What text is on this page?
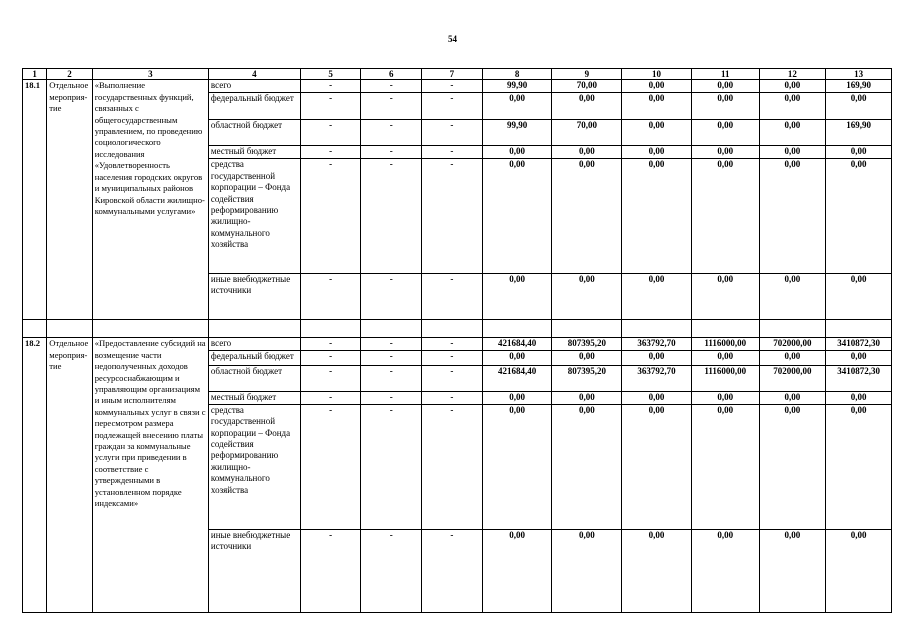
54
1	2	3	4	5	6	7	8	9	10	11	12	13
18.1	Отдельное мероприя-тие	«Выполнение государственных функций, связанных с общегосударственным управлением, по проведению социологического исследования «Удовлетворенность населения городских округов и муниципальных районов Кировской области жилищно-коммунальными услугами»	всего	-	-	-	99,90	70,00	0,00	0,00	0,00	169,90
			федеральный бюджет	-	-	-	0,00	0,00	0,00	0,00	0,00	0,00
			областной бюджет	-	-	-	99,90	70,00	0,00	0,00	0,00	169,90
			местный бюджет	-	-	-	0,00	0,00	0,00	0,00	0,00	0,00
			средства государственной корпорации – Фонда содействия реформированию жилищно-коммунального хозяйства	-	-	-	0,00	0,00	0,00	0,00	0,00	0,00
			иные внебюджетные источники	-	-	-	0,00	0,00	0,00	0,00	0,00	0,00

18.2	Отдельное мероприя-тие	«Предоставление субсидий на возмещение части недополученных доходов ресурсоснабжающим и управляющим организациям и иным исполнителям коммунальных услуг в связи с пересмотром размера подлежащей внесению платы граждан за коммунальные услуги при приведении в соответствие с утвержденными в установленном порядке индексами»	всего	-	-	-	421684,40	807395,20	363792,70	1116000,00	702000,00	3410872,30
			федеральный бюджет	-	-	-	0,00	0,00	0,00	0,00	0,00	0,00
			областной бюджет	-	-	-	421684,40	807395,20	363792,70	1116000,00	702000,00	3410872,30
			местный бюджет	-	-	-	0,00	0,00	0,00	0,00	0,00	0,00
			средства государственной корпорации – Фонда содействия реформированию жилищно-коммунального хозяйства	-	-	-	0,00	0,00	0,00	0,00	0,00	0,00
			иные внебюджетные источники	-	-	-	0,00	0,00	0,00	0,00	0,00	0,00
